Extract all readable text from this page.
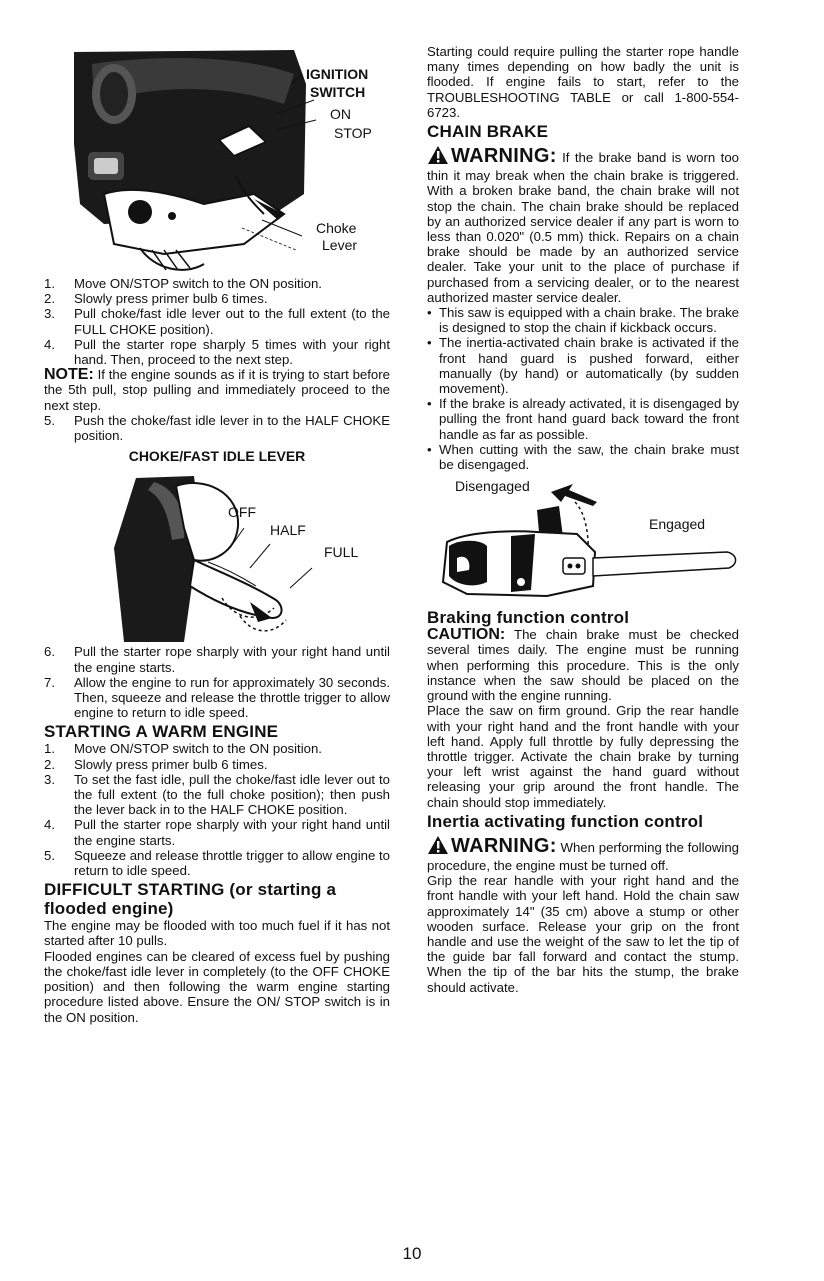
IGNITION
SWITCH
ON
STOP
Choke
Lever
1. Move ON/STOP switch to the ON position.
2. Slowly press primer bulb 6 times.
3. Pull choke/fast idle lever out to the full extent (to the FULL CHOKE position).
4. Pull the starter rope sharply 5 times with your right hand. Then, proceed to the next step.

NOTE: If the engine sounds as if it is trying to start before the 5th pull, stop pulling and immediately proceed to the next step.

5. Push the choke/fast idle lever in to the HALF CHOKE position.
CHOKE/FAST IDLE LEVER
OFF
HALF
FULL
6. Pull the starter rope sharply with your right hand until the engine starts.
7. Allow the engine to run for approximately 30 seconds. Then, squeeze and release the throttle trigger to allow engine to return to idle speed.
STARTING A WARM ENGINE
1. Move ON/STOP switch to the ON position.
2. Slowly press primer bulb 6 times.
3. To set the fast idle, pull the choke/fast idle lever out to the full extent (to the full choke position); then push the lever back in to the HALF CHOKE position.
4. Pull the starter rope sharply with your right hand until the engine starts.
5. Squeeze and release throttle trigger to allow engine to return to idle speed.
DIFFICULT STARTING (or starting a flooded engine)

The engine may be flooded with too much fuel if it has not started after 10 pulls.

Flooded engines can be cleared of excess fuel by pushing the choke/fast idle lever in completely (to the OFF CHOKE position) and then following the warm engine starting procedure listed above. Ensure the ON/ STOP switch is in the ON position.

Starting could require pulling the starter rope handle many times depending on how badly the unit is flooded. If engine fails to start, refer to the TROUBLESHOOTING TABLE or call 1-800-554-6723.

CHAIN BRAKE

WARNING: If the brake band is worn too thin it may break when the chain brake is triggered. With a broken brake band, the chain brake will not stop the chain. The chain brake should be replaced by an authorized service dealer if any part is worn to less than 0.020" (0.5 mm) thick. Repairs on a chain brake should be made by an authorized service dealer. Take your unit to the place of purchase if purchased from a servicing dealer, or to the nearest authorized master service dealer.

• This saw is equipped with a chain brake. The brake is designed to stop the chain if kickback occurs.
• The inertia-activated chain brake is activated if the front hand guard is pushed forward, either manually (by hand) or automatically (by sudden movement).
• If the brake is already activated, it is disengaged by pulling the front hand guard back toward the front handle as far as possible.
• When cutting with the saw, the chain brake must be disengaged.
Disengaged
Engaged
Braking function control

CAUTION: The chain brake must be checked several times daily. The engine must be running when performing this procedure. This is the only instance when the saw should be placed on the ground with the engine running.

Place the saw on firm ground. Grip the rear handle with your right hand and the front handle with your left hand. Apply full throttle by fully depressing the throttle trigger. Activate the chain brake by turning your left wrist against the hand guard without releasing your grip around the front handle. The chain should stop immediately.

Inertia activating function control

WARNING: When performing the following procedure, the engine must be turned off.

Grip the rear handle with your right hand and the front handle with your left hand. Hold the chain saw approximately 14" (35 cm) above a stump or other wooden surface. Release your grip on the front handle and use the weight of the saw to let the tip of the guide bar fall forward and contact the stump. When the tip of the bar hits the stump, the brake should activate.

10
